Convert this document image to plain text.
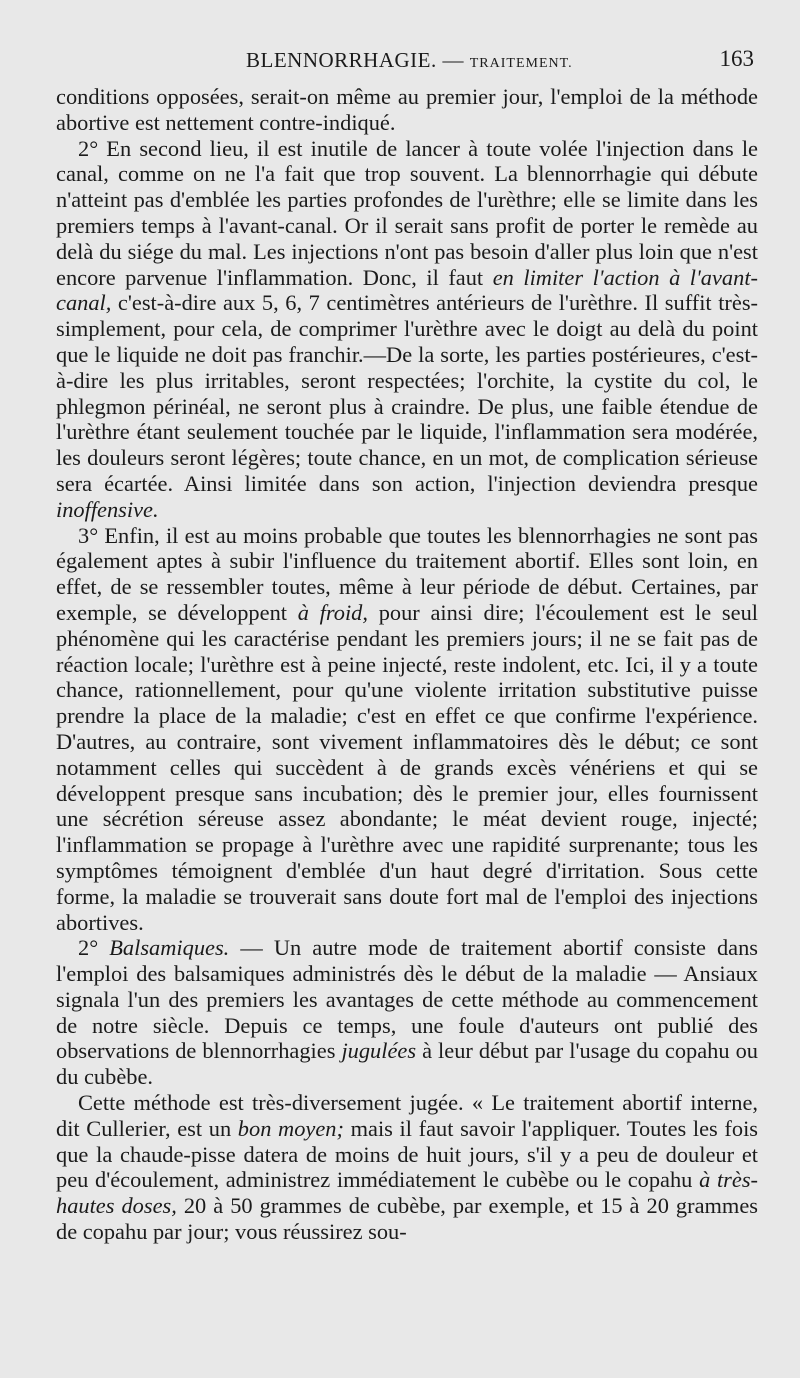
BLENNORRHAGIE. — TRAITEMENT.	163

conditions opposées, serait-on même au premier jour, l'emploi de la méthode abortive est nettement contre-indiqué.

2° En second lieu, il est inutile de lancer à toute volée l'injection dans le canal, comme on ne l'a fait que trop souvent. La blennorrhagie qui débute n'atteint pas d'emblée les parties profondes de l'urèthre; elle se limite dans les premiers temps à l'avant-canal. Or il serait sans profit de porter le remède au delà du siége du mal. Les injections n'ont pas besoin d'aller plus loin que n'est encore parvenue l'inflammation. Donc, il faut en limiter l'action à l'avant-canal, c'est-à-dire aux 5, 6, 7 centimètres antérieurs de l'urèthre. Il suffit très-simplement, pour cela, de comprimer l'urèthre avec le doigt au delà du point que le liquide ne doit pas franchir.—De la sorte, les parties postérieures, c'est-à-dire les plus irritables, seront respectées; l'orchite, la cystite du col, le phlegmon périnéal, ne seront plus à craindre. De plus, une faible étendue de l'urèthre étant seulement touchée par le liquide, l'inflammation sera modérée, les douleurs seront légères; toute chance, en un mot, de complication sérieuse sera écartée. Ainsi limitée dans son action, l'injection deviendra presque inoffensive.

3° Enfin, il est au moins probable que toutes les blennorrhagies ne sont pas également aptes à subir l'influence du traitement abortif. Elles sont loin, en effet, de se ressembler toutes, même à leur période de début. Certaines, par exemple, se développent à froid, pour ainsi dire; l'écoulement est le seul phénomène qui les caractérise pendant les premiers jours; il ne se fait pas de réaction locale; l'urèthre est à peine injecté, reste indolent, etc. Ici, il y a toute chance, rationnellement, pour qu'une violente irritation substitutive puisse prendre la place de la maladie; c'est en effet ce que confirme l'expérience. D'autres, au contraire, sont vivement inflammatoires dès le début; ce sont notamment celles qui succèdent à de grands excès vénériens et qui se développent presque sans incubation; dès le premier jour, elles fournissent une sécrétion séreuse assez abondante; le méat devient rouge, injecté; l'inflammation se propage à l'urèthre avec une rapidité surprenante; tous les symptômes témoignent d'emblée d'un haut degré d'irritation. Sous cette forme, la maladie se trouverait sans doute fort mal de l'emploi des injections abortives.

2° Balsamiques. — Un autre mode de traitement abortif consiste dans l'emploi des balsamiques administrés dès le début de la maladie — Ansiaux signala l'un des premiers les avantages de cette méthode au commencement de notre siècle. Depuis ce temps, une foule d'auteurs ont publié des observations de blennorrhagies jugulées à leur début par l'usage du copahu ou du cubèbe.

Cette méthode est très-diversement jugée. « Le traitement abortif interne, dit Cullerier, est un bon moyen; mais il faut savoir l'appliquer. Toutes les fois que la chaude-pisse datera de moins de huit jours, s'il y a peu de douleur et peu d'écoulement, administrez immédiatement le cubèbe ou le copahu à très-hautes doses, 20 à 50 grammes de cubèbe, par exemple, et 15 à 20 grammes de copahu par jour; vous réussirez sou-
